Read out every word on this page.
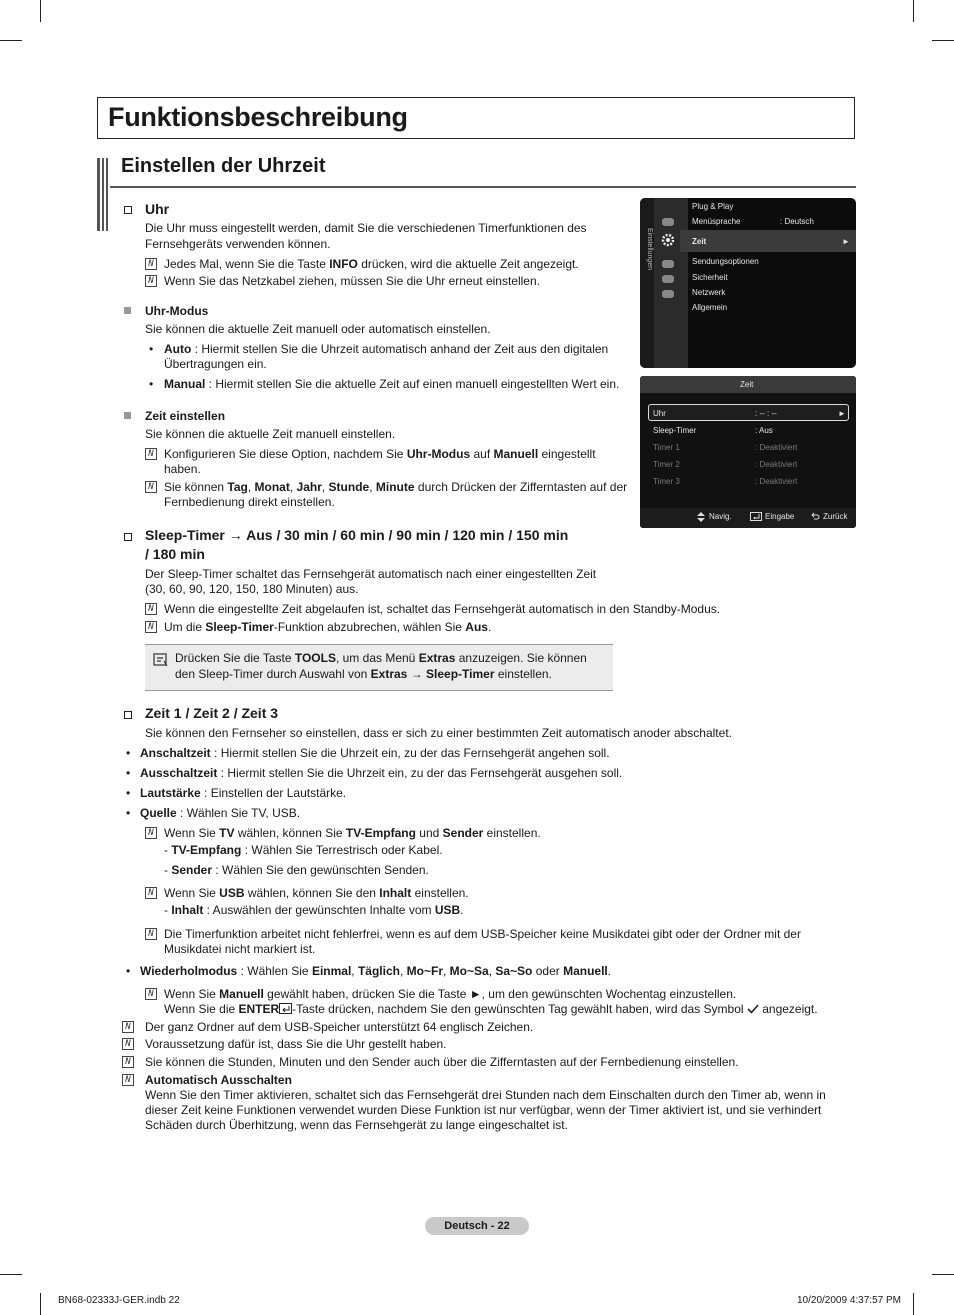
Funktionsbeschreibung
Einstellen der Uhrzeit
Uhr
Die Uhr muss eingestellt werden, damit Sie die verschiedenen Timerfunktionen des
Fernsehgeräts verwenden können.
N Jedes Mal, wenn Sie die Taste INFO drücken, wird die aktuelle Zeit angezeigt.
N Wenn Sie das Netzkabel ziehen, müssen Sie die Uhr erneut einstellen.
Uhr-Modus
Sie können die aktuelle Zeit manuell oder automatisch einstellen.
• Auto : Hiermit stellen Sie die Uhrzeit automatisch anhand der Zeit aus den digitalen
Übertragungen ein.
• Manual : Hiermit stellen Sie die aktuelle Zeit auf einen manuell eingestellten Wert ein.
Zeit einstellen
Sie können die aktuelle Zeit manuell einstellen.
N Konfigurieren Sie diese Option, nachdem Sie Uhr-Modus auf Manuell eingestellt
haben.
N Sie können Tag, Monat, Jahr, Stunde, Minute durch Drücken der Zifferntasten auf der
Fernbedienung direkt einstellen.
Sleep-Timer → Aus / 30 min / 60 min / 90 min / 120 min / 150 min
/ 180 min
Der Sleep-Timer schaltet das Fernsehgerät automatisch nach einer eingestellten Zeit
(30, 60, 90, 120, 150, 180 Minuten) aus.
N Wenn die eingestellte Zeit abgelaufen ist, schaltet das Fernsehgerät automatisch in den Standby-Modus.
N Um die Sleep-Timer-Funktion abzubrechen, wählen Sie Aus.
Drücken Sie die Taste TOOLS, um das Menü Extras anzuzeigen. Sie können
den Sleep-Timer durch Auswahl von Extras → Sleep-Timer einstellen.
Zeit 1 / Zeit 2 / Zeit 3
Sie können den Fernseher so einstellen, dass er sich zu einer bestimmten Zeit automatisch anoder abschaltet.
• Anschaltzeit : Hiermit stellen Sie die Uhrzeit ein, zu der das Fernsehgerät angehen soll.
• Ausschaltzeit : Hiermit stellen Sie die Uhrzeit ein, zu der das Fernsehgerät ausgehen soll.
• Lautstärke : Einstellen der Lautstärke.
• Quelle : Wählen Sie TV, USB.
N Wenn Sie TV wählen, können Sie TV-Empfang und Sender einstellen.
- TV-Empfang : Wählen Sie Terrestrisch oder Kabel.
- Sender : Wählen Sie den gewünschten Senden.
N Wenn Sie USB wählen, können Sie den Inhalt einstellen.
- Inhalt : Auswählen der gewünschten Inhalte vom USB.
N Die Timerfunktion arbeitet nicht fehlerfrei, wenn es auf dem USB-Speicher keine Musikdatei gibt oder der Ordner mit der
Musikdatei nicht markiert ist.
• Wiederholmodus : Wählen Sie Einmal, Täglich, Mo~Fr, Mo~Sa, Sa~So oder Manuell.
N Wenn Sie Manuell gewählt haben, drücken Sie die Taste ►, um den gewünschten Wochentag einzustellen.
Wenn Sie die ENTER -Taste drücken, nachdem Sie den gewünschten Tag gewählt haben, wird das Symbol  angezeigt.
N Der ganz Ordner auf dem USB-Speicher unterstützt 64 englisch Zeichen.
N Voraussetzung dafür ist, dass Sie die Uhr gestellt haben.
N Sie können die Stunden, Minuten und den Sender auch über die Zifferntasten auf der Fernbedienung einstellen.
N Automatisch Ausschalten
Wenn Sie den Timer aktivieren, schaltet sich das Fernsehgerät drei Stunden nach dem Einschalten durch den Timer ab, wenn in
dieser Zeit keine Funktionen verwendet wurden Diese Funktion ist nur verfügbar, wenn der Timer aktiviert ist, und sie verhindert
Schäden durch Überhitzung, wenn das Fernsehgerät zu lange eingeschaltet ist.
Einstellungen
Plug & Play
Menüsprache	: Deutsch
Zeit	►
Sendungsoptionen
Sicherheit
Netzwerk
Allgemein
Zeit
Uhr	: -- : --	►
Sleep-Timer	: Aus
Timer 1	: Deaktiviert
Timer 2	: Deaktiviert
Timer 3	: Deaktiviert
Navig.	Eingabe	Zurück
Deutsch - 22
BN68-02333J-GER.indb 22	10/20/2009 4:37:57 PM
